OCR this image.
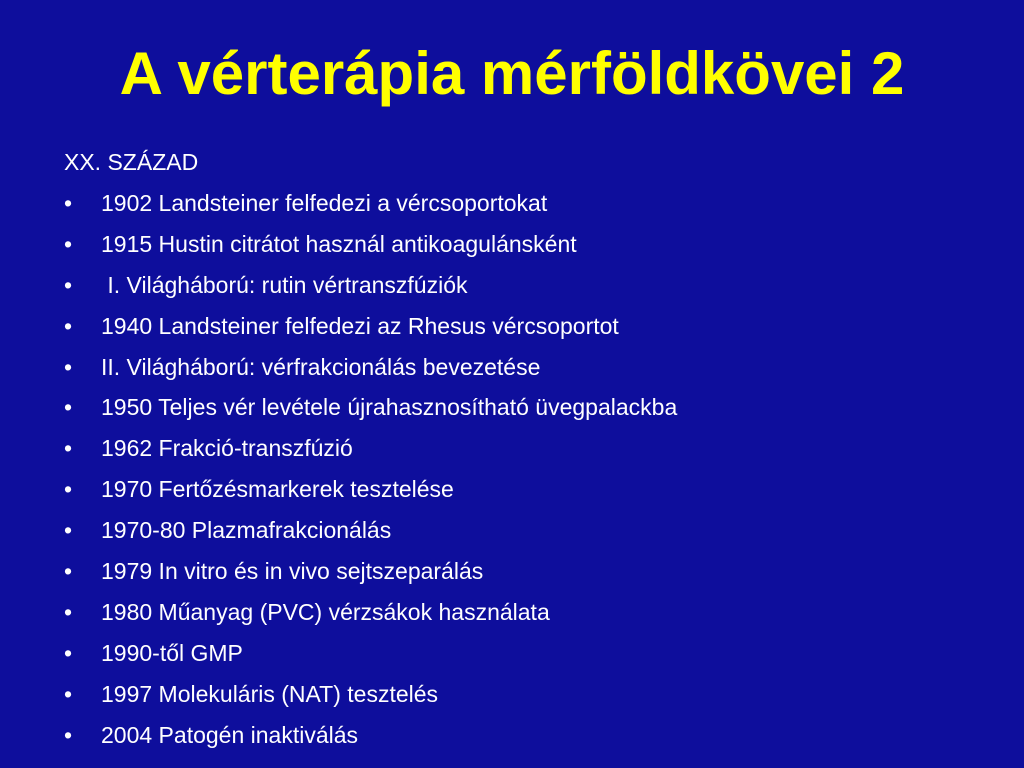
A vérterápia mérföldkövei 2
XX. SZÁZAD
• 1902 Landsteiner felfedezi a vércsoportokat
• 1915 Hustin citrátot használ antikoagulánsként
• I. Világháború: rutin vértranszfúziók
• 1940 Landsteiner felfedezi az Rhesus vércsoportot
• II. Világháború: vérfrakcionálás bevezetése
• 1950 Teljes vér levétele újrahasznosítható üvegpalackba
• 1962 Frakció-transzfúzió
• 1970 Fertőzésmarkerek tesztelése
• 1970-80 Plazmafrakcionálás
• 1979 In vitro és in vivo sejtszeparálás
• 1980 Műanyag (PVC) vérzsákok használata
• 1990-től GMP
• 1997 Molekuláris (NAT) tesztelés
• 2004 Patogén inaktiválás
